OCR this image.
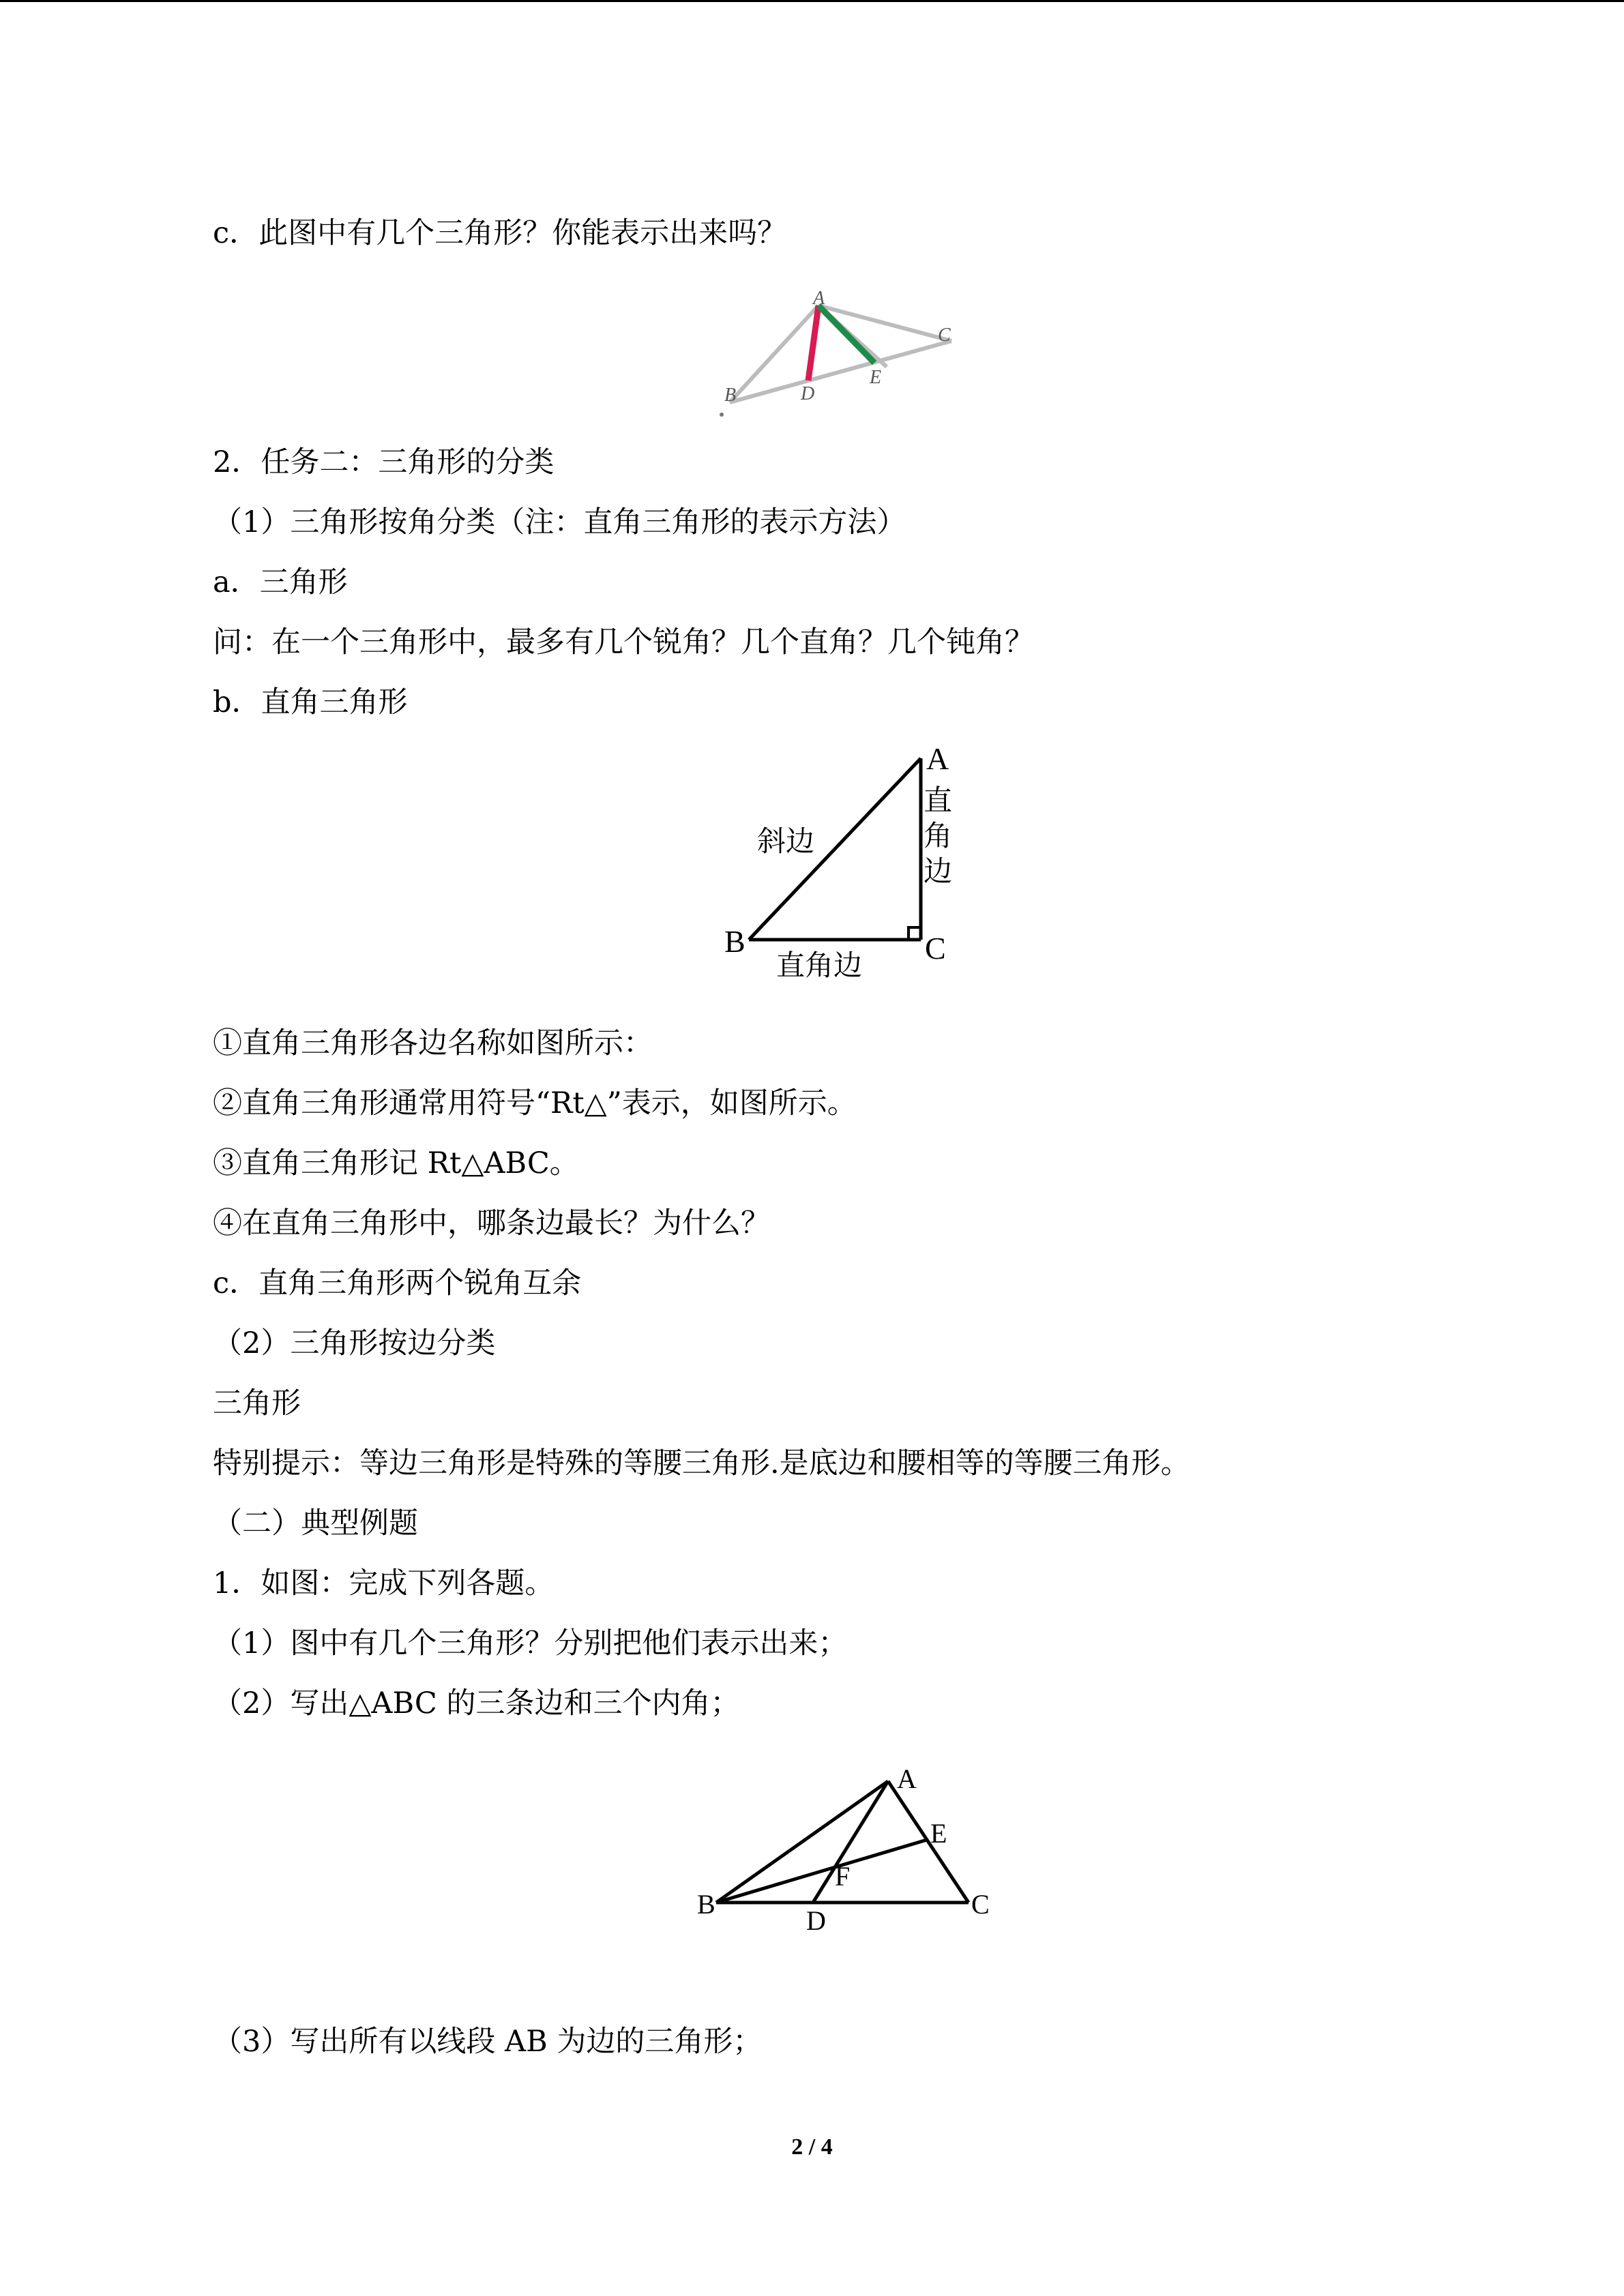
c．此图中有几个三角形？你能表示出来吗？
A
B	D
E
C
2．任务二：三角形的分类
（1）三角形按角分类（注：直角三角形的表示方法）
a．三角形
问：在一个三角形中，最多有几个锐角？几个直角？几个钝角？
b．直角三角形
A
B	C
斜边
直角边
直
角
边
①直角三角形各边名称如图所示：
②直角三角形通常用符号“Rt△”表示，如图所示。
③直角三角形记 Rt△ABC。
④在直角三角形中，哪条边最长？为什么？
c．直角三角形两个锐角互余
（2）三角形按边分类
三角形
特别提示：等边三角形是特殊的等腰三角形.是底边和腰相等的等腰三角形。
（二）典型例题
1．如图：完成下列各题。
（1）图中有几个三角形？分别把他们表示出来；
（2）写出△ABC 的三条边和三个内角；
A
E
F
B
D
C
（3）写出所有以线段 AB 为边的三角形；
2 / 4
